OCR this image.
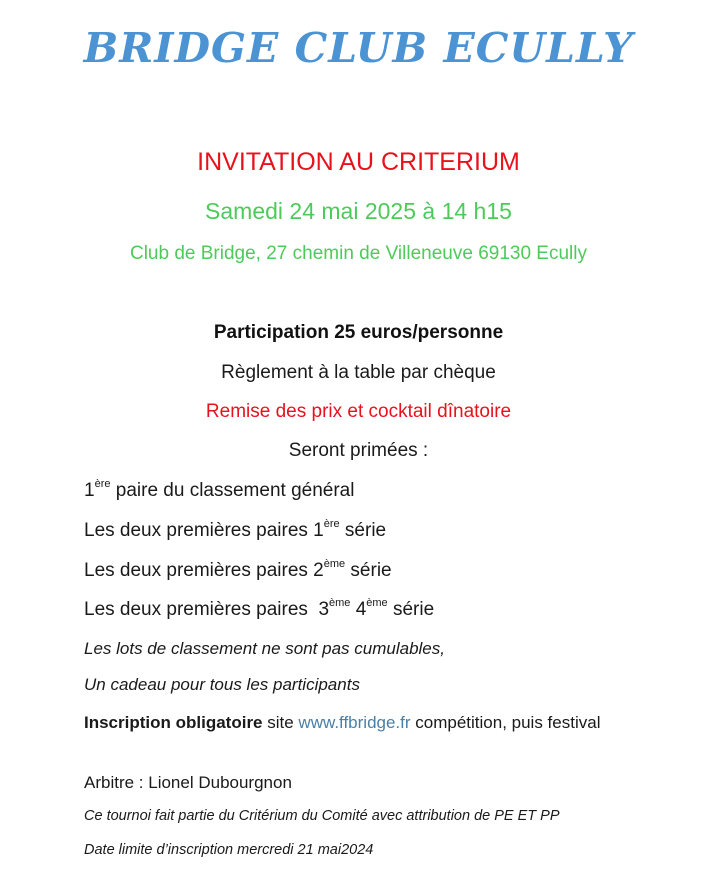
BRIDGE CLUB ECULLY
INVITATION AU CRITERIUM
Samedi 24 mai 2025 à 14 h15
Club de Bridge, 27 chemin de Villeneuve 69130 Ecully
Participation 25 euros/personne
Règlement à la table par chèque
Remise des prix et cocktail dînatoire
Seront primées :
1ère paire du classement général
Les deux premières paires 1ère série
Les deux premières paires 2ème série
Les deux premières paires  3ème 4ème série
Les lots de classement ne sont pas cumulables,
Un cadeau pour tous les participants
Inscription obligatoire site www.ffbridge.fr compétition, puis festival
Arbitre : Lionel Dubourgnon
Ce tournoi fait partie du Critérium du Comité avec attribution de PE ET PP
Date limite d’inscription mercredi 21 mai2024
